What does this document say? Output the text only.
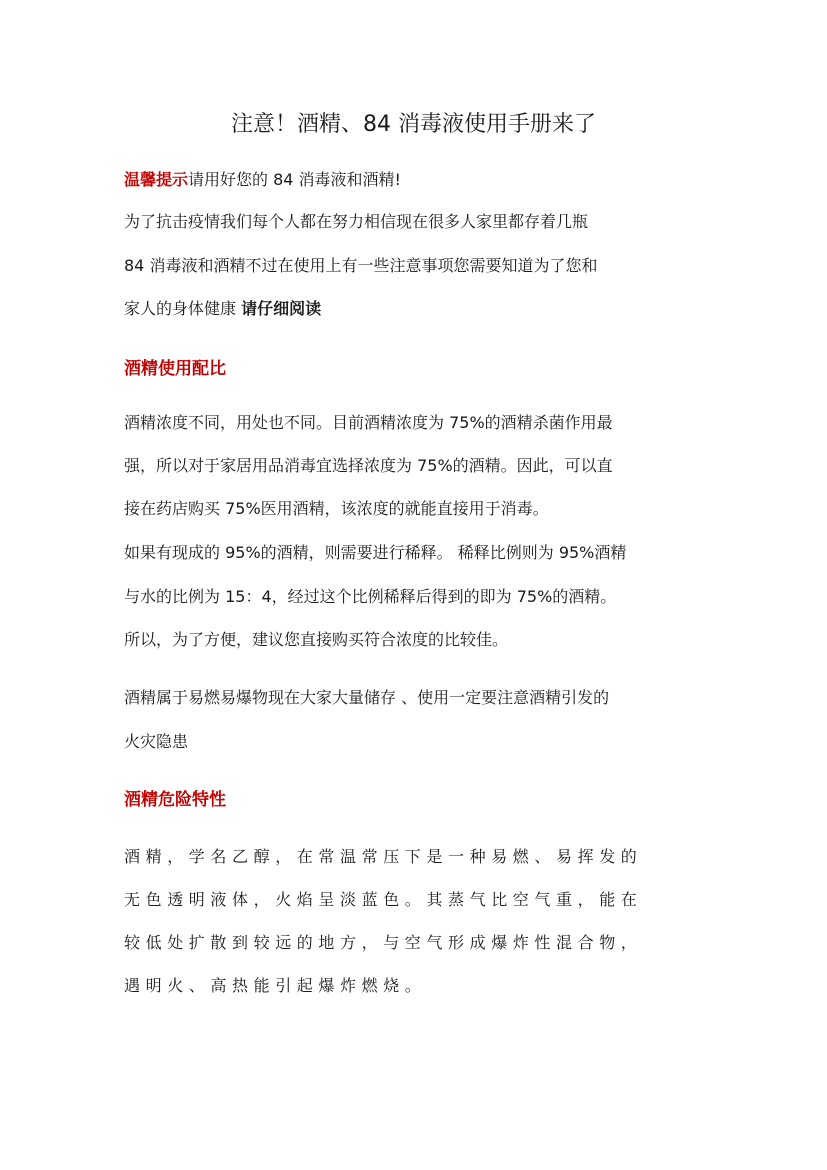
注意！酒精、84 消毒液使用手册来了

温馨提示请用好您的 84 消毒液和酒精!

为了抗击疫情我们每个人都在努力相信现在很多人家里都存着几瓶

84 消毒液和酒精不过在使用上有一些注意事项您需要知道为了您和

家人的身体健康 请仔细阅读

酒精使用配比

酒精浓度不同，用处也不同。目前酒精浓度为 75%的酒精杀菌作用最

强，所以对于家居用品消毒宜选择浓度为 75%的酒精。因此，可以直

接在药店购买 75%医用酒精，该浓度的就能直接用于消毒。

如果有现成的 95%的酒精，则需要进行稀释。 稀释比例则为 95%酒精

与水的比例为 15：4，经过这个比例稀释后得到的即为 75%的酒精。

所以，为了方便，建议您直接购买符合浓度的比较佳。

酒精属于易燃易爆物现在大家大量储存 、使用一定要注意酒精引发的

火灾隐患

酒精危险特性

酒精，学名乙醇，在常温常压下是一种易燃、易挥发的

无色透明液体，火焰呈淡蓝色。其蒸气比空气重，能在

较低处扩散到较远的地方，与空气形成爆炸性混合物，

遇明火、高热能引起爆炸燃烧。
